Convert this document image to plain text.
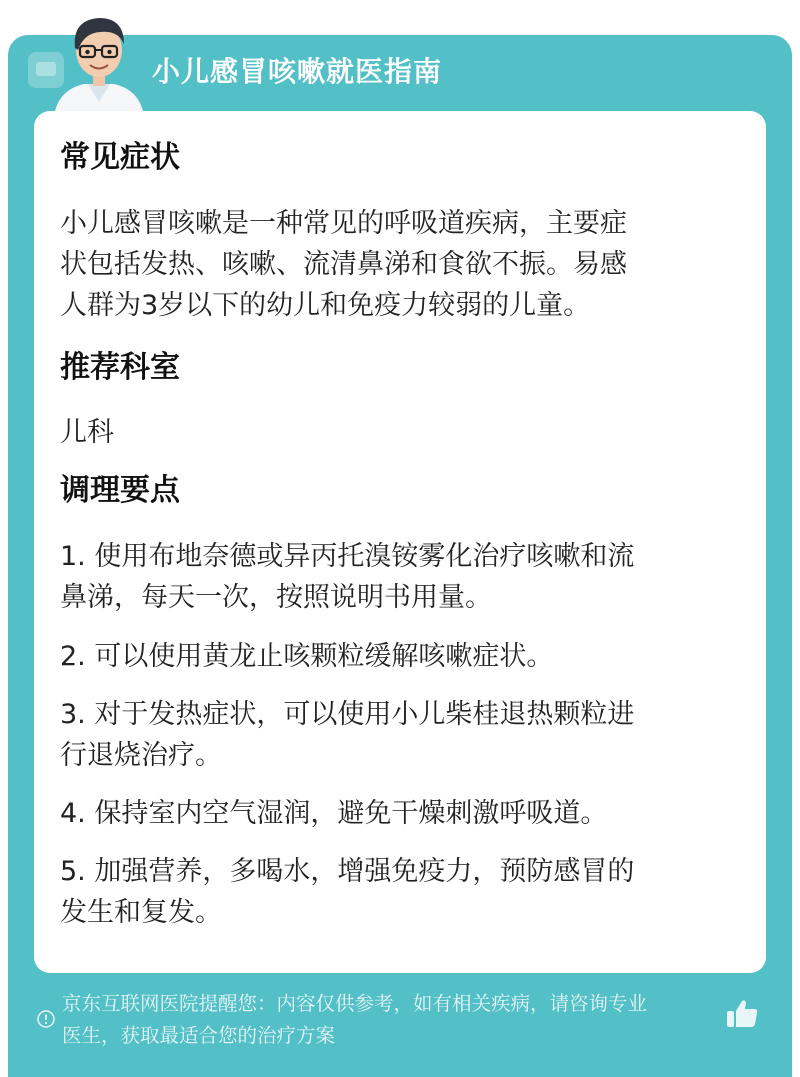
小儿感冒咳嗽就医指南
常见症状
小儿感冒咳嗽是一种常见的呼吸道疾病，主要症
状包括发热、咳嗽、流清鼻涕和食欲不振。易感
人群为3岁以下的幼儿和免疫力较弱的儿童。
推荐科室
儿科
调理要点
1. 使用布地奈德或异丙托溴铵雾化治疗咳嗽和流
鼻涕，每天一次，按照说明书用量。
2. 可以使用黄龙止咳颗粒缓解咳嗽症状。
3. 对于发热症状，可以使用小儿柴桂退热颗粒进
行退烧治疗。
4. 保持室内空气湿润，避免干燥刺激呼吸道。
5. 加强营养，多喝水，增强免疫力，预防感冒的
发生和复发。
京东互联网医院提醒您：内容仅供参考，如有相关疾病，请咨询专业
医生，获取最适合您的治疗方案
